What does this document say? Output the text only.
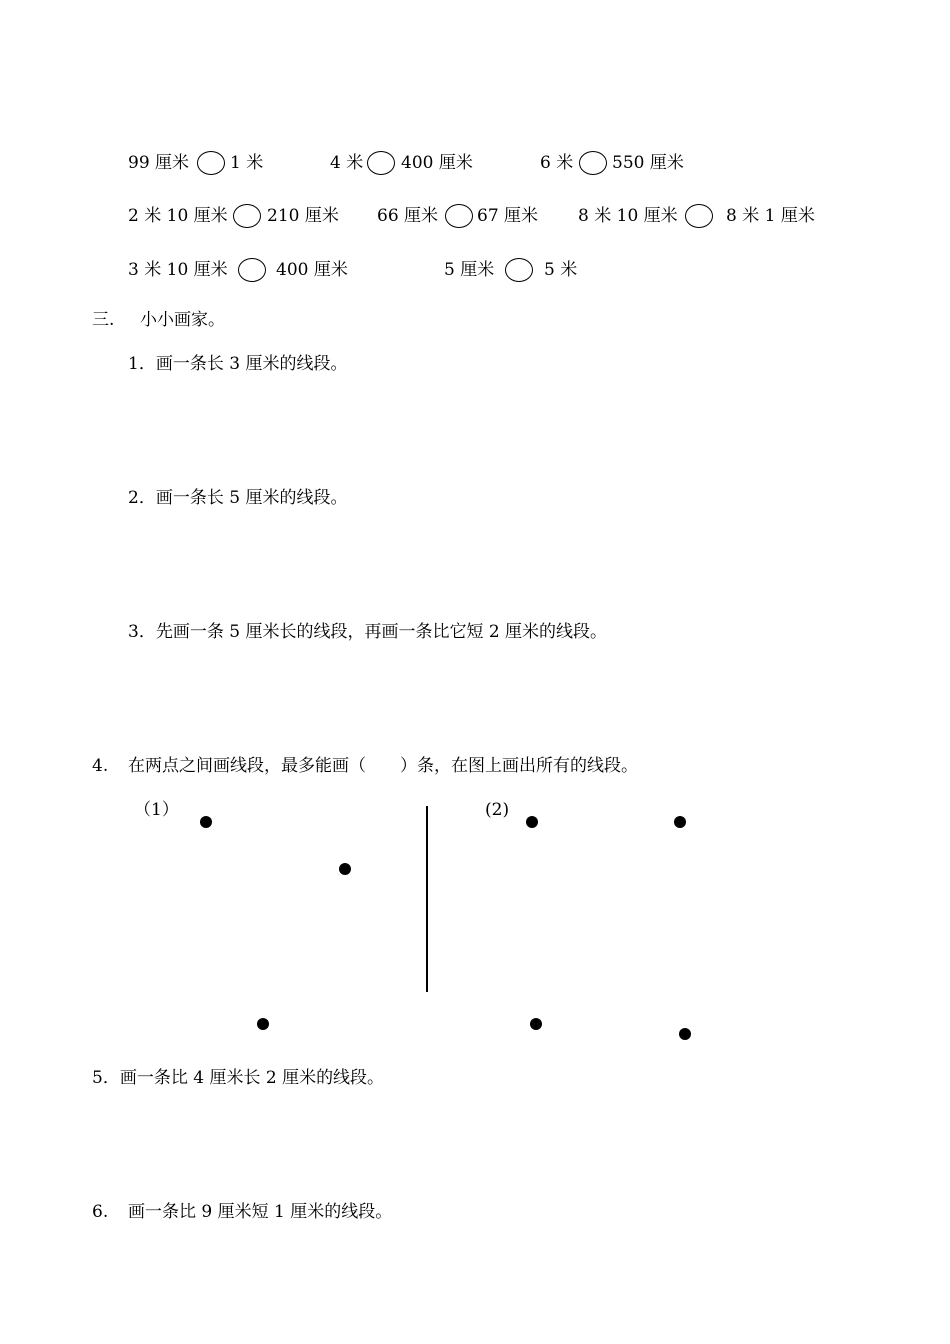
99 厘米 1 米	4 米 400 厘米	6 米 550 厘米
2 米 10 厘米 210 厘米 66 厘米 67 厘米 8 米 10 厘米	8 米 1 厘米
3 米 10 厘米	400 厘米	5 厘米	5 米
三. 小小画家。
1．画一条长 3 厘米的线段。
2．画一条长 5 厘米的线段。
3．先画一条 5 厘米长的线段，再画一条比它短 2 厘米的线段。
4. 在两点之间画线段，最多能画（　　）条，在图上画出所有的线段。
（1）	(2)
5．画一条比 4 厘米长 2 厘米的线段。
6. 画一条比 9 厘米短 1 厘米的线段。
